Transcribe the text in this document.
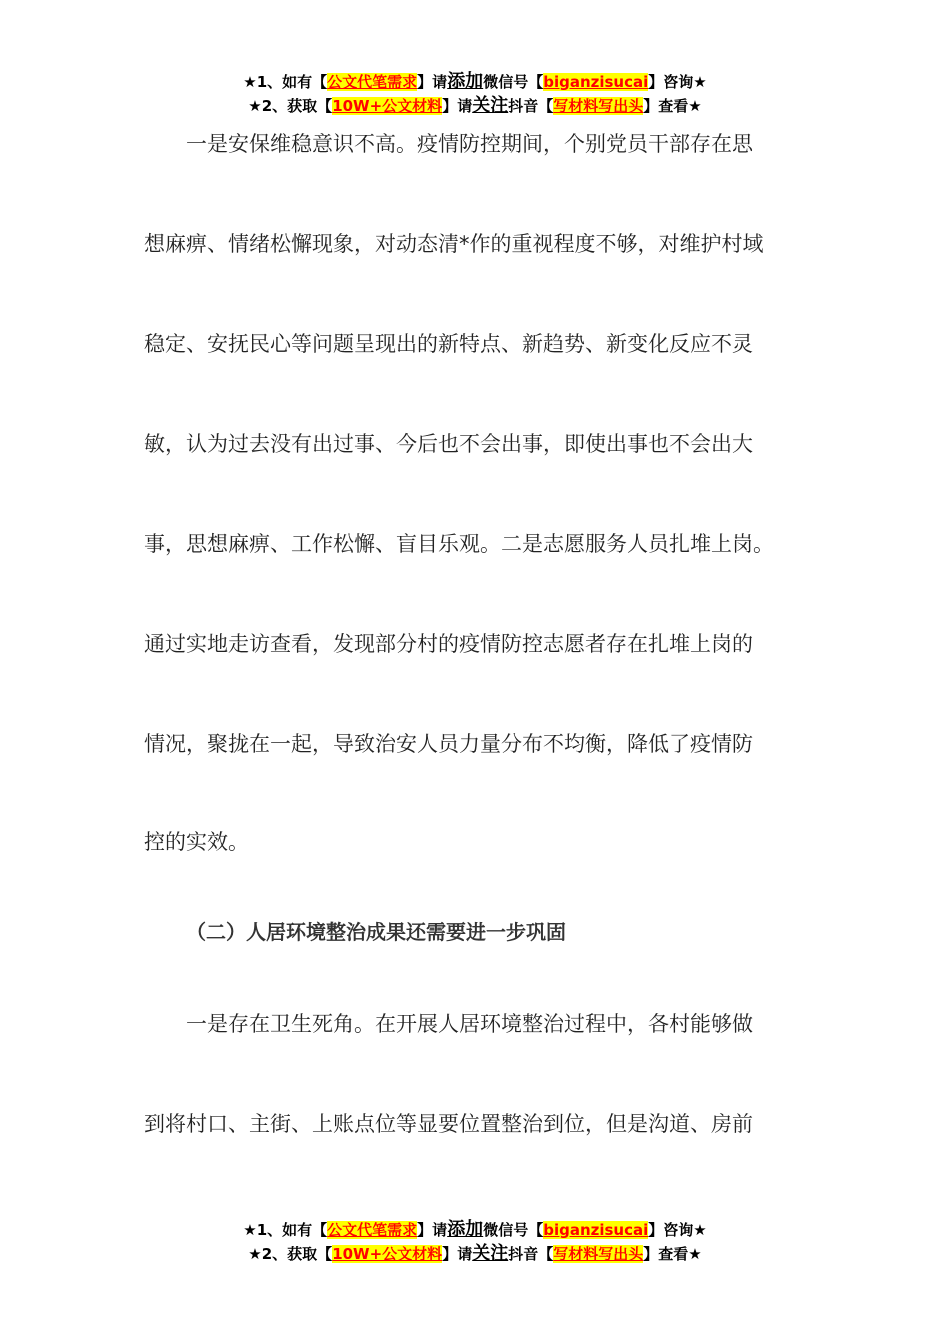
★1、如有【公文代笔需求】请添加微信号【biganzisucai】咨询★
★2、获取【10W+公文材料】请关注抖音【写材料写出头】查看★
一是安保维稳意识不高。疫情防控期间，个别党员干部存在思
想麻痹、情绪松懈现象，对动态清*作的重视程度不够，对维护村域
稳定、安抚民心等问题呈现出的新特点、新趋势、新变化反应不灵
敏，认为过去没有出过事、今后也不会出事，即使出事也不会出大
事，思想麻痹、工作松懈、盲目乐观。二是志愿服务人员扎堆上岗。
通过实地走访查看，发现部分村的疫情防控志愿者存在扎堆上岗的
情况，聚拢在一起，导致治安人员力量分布不均衡，降低了疫情防
控的实效。
（二）人居环境整治成果还需要进一步巩固
一是存在卫生死角。在开展人居环境整治过程中，各村能够做
到将村口、主街、上账点位等显要位置整治到位，但是沟道、房前
★1、如有【公文代笔需求】请添加微信号【biganzisucai】咨询★
★2、获取【10W+公文材料】请关注抖音【写材料写出头】查看★
